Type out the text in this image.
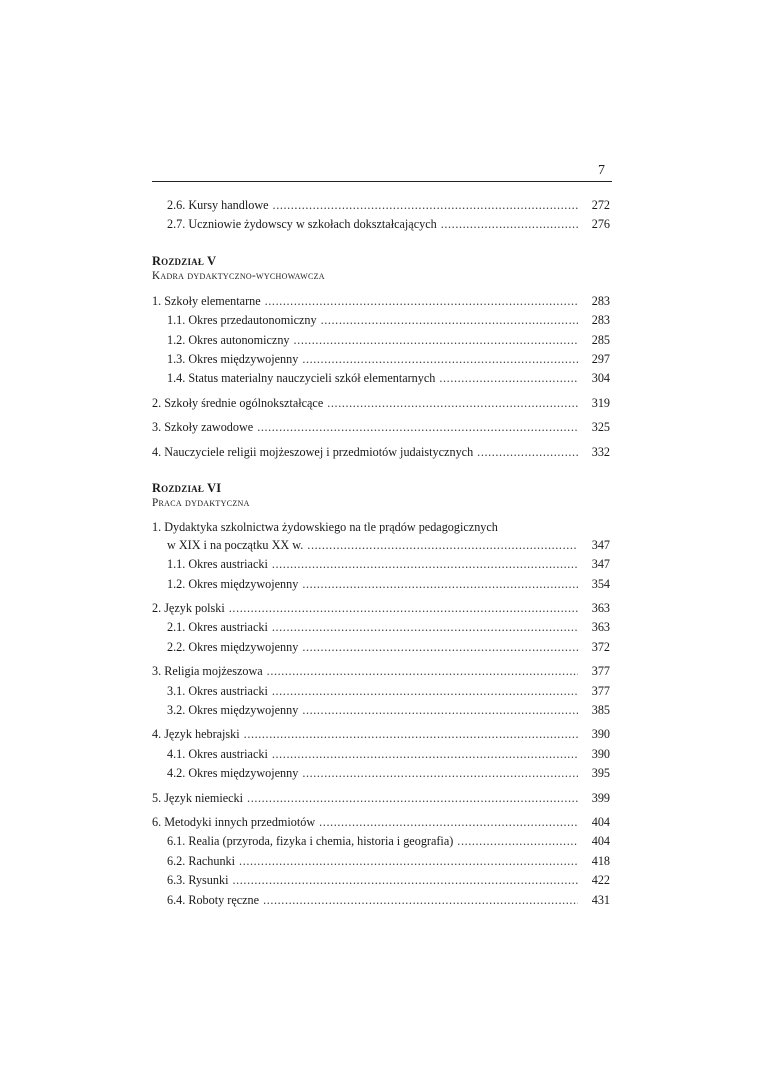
7
2.6. Kursy handlowe .....	272
2.7. Uczniowie żydowscy w szkołach dokształcających .....	276
Rozdział V
Kadra dydaktyczno-wychowawcza
1. Szkoły elementarne .....	283
1.1. Okres przedautonomiczny .....	283
1.2. Okres autonomiczny .....	285
1.3. Okres międzywojenny .....	297
1.4. Status materialny nauczycieli szkół elementarnych .....	304
2. Szkoły średnie ogólnokształcące .....	319
3. Szkoły zawodowe .....	325
4. Nauczyciele religii mojżeszowej i przedmiotów judaistycznych .....	332
Rozdział VI
Praca dydaktyczna
1. Dydaktyka szkolnictwa żydowskiego na tle prądów pedagogicznych
w XIX i na początku XX w. .....	347
1.1. Okres austriacki .....	347
1.2. Okres międzywojenny .....	354
2. Język polski .....	363
2.1. Okres austriacki .....	363
2.2. Okres międzywojenny .....	372
3. Religia mojżeszowa .....	377
3.1. Okres austriacki .....	377
3.2. Okres międzywojenny .....	385
4. Język hebrajski .....	390
4.1. Okres austriacki .....	390
4.2. Okres międzywojenny .....	395
5. Język niemiecki .....	399
6. Metodyki innych przedmiotów .....	404
6.1. Realia (przyroda, fizyka i chemia, historia i geografia) .....	404
6.2. Rachunki .....	418
6.3. Rysunki .....	422
6.4. Roboty ręczne .....	431
